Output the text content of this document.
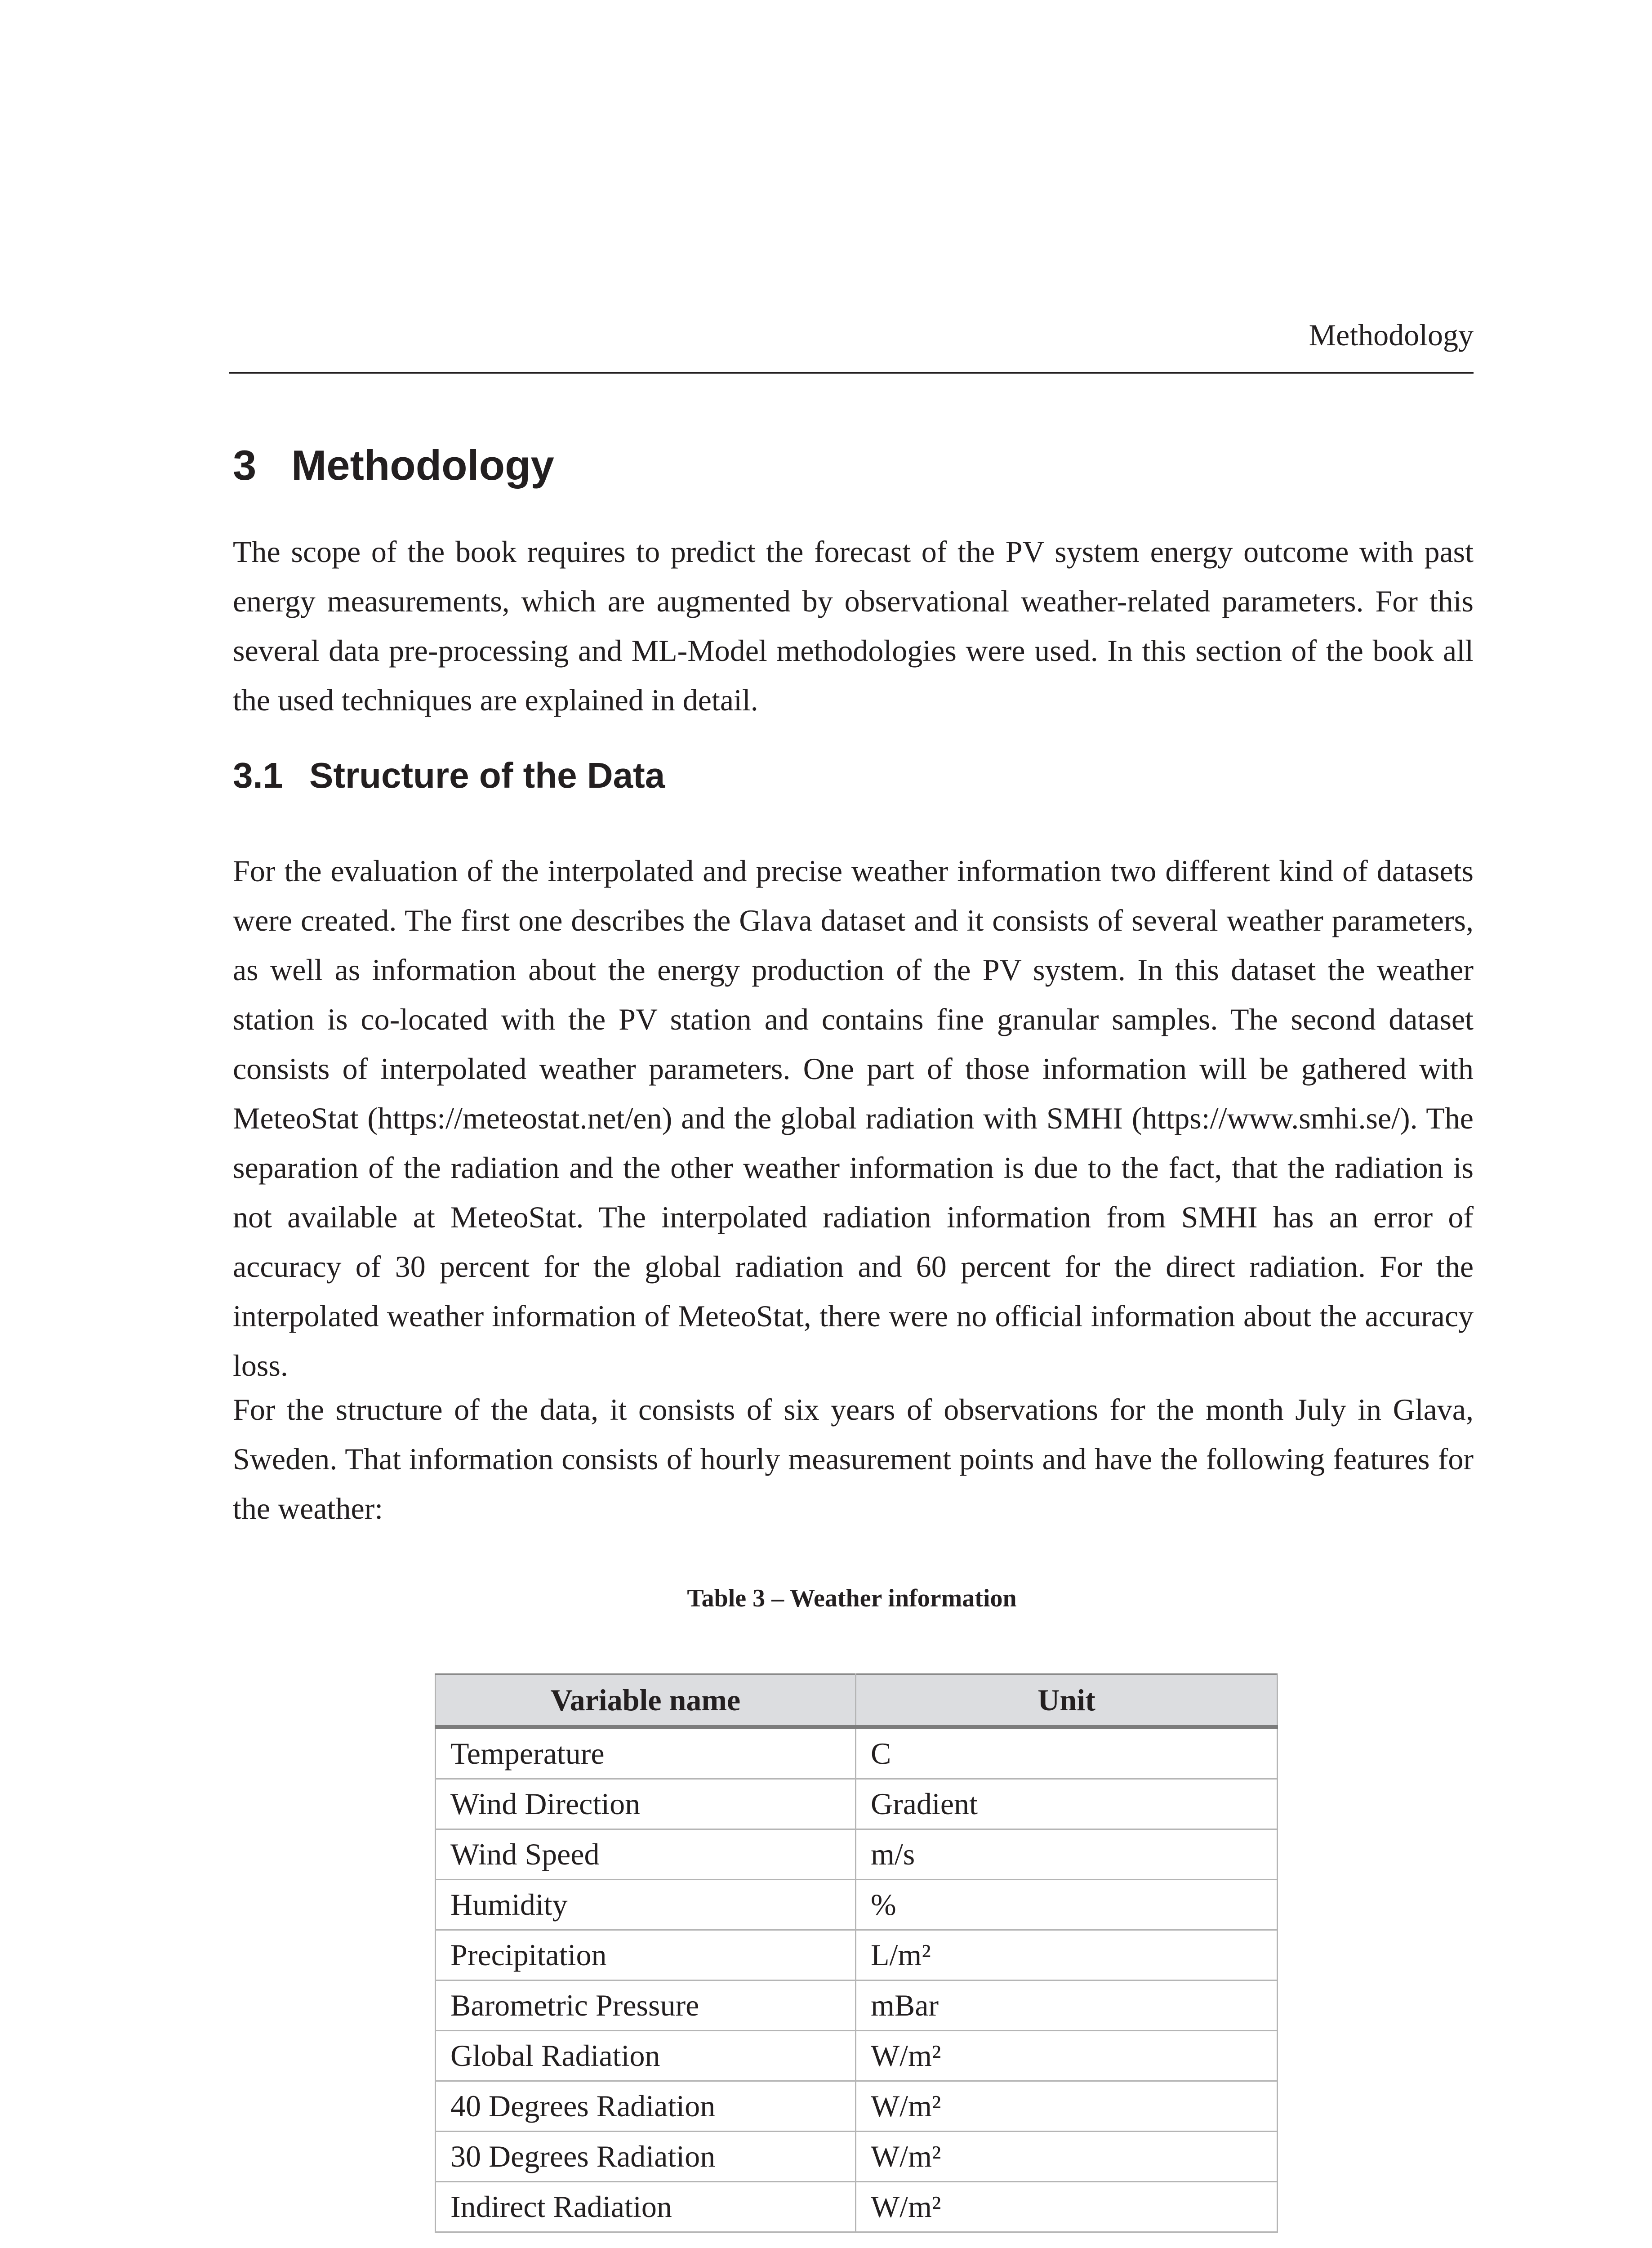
Methodology
3 Methodology

The scope of the book requires to predict the forecast of the PV system energy outcome with past energy measurements, which are augmented by observational weather-related parameters. For this several data pre-processing and ML-Model methodologies were used. In this section of the book all the used techniques are explained in detail.

3.1 Structure of the Data

For the evaluation of the interpolated and precise weather information two different kind of datasets were created. The first one describes the Glava dataset and it consists of several weather parameters, as well as information about the energy production of the PV system. In this dataset the weather station is co-located with the PV station and contains fine granular samples. The second dataset consists of interpolated weather parameters. One part of those information will be gathered with MeteoStat (https://meteostat.net/en) and the global radiation with SMHI (https://www.smhi.se/). The separation of the radiation and the other weather information is due to the fact, that the radiation is not available at MeteoStat. The interpolated radiation information from SMHI has an error of accuracy of 30 percent for the global radiation and 60 percent for the direct radiation. For the interpolated weather information of MeteoStat, there were no official information about the accuracy loss.

For the structure of the data, it consists of six years of observations for the month July in Glava, Sweden. That information consists of hourly measurement points and have the following features for the weather:

Table 3 – Weather information
Variable name	Unit
Temperature	C
Wind Direction	Gradient
Wind Speed	m/s
Humidity	%
Precipitation	L/m²
Barometric Pressure	mBar
Global Radiation	W/m²
40 Degrees Radiation	W/m²
30 Degrees Radiation	W/m²
Indirect Radiation	W/m²
